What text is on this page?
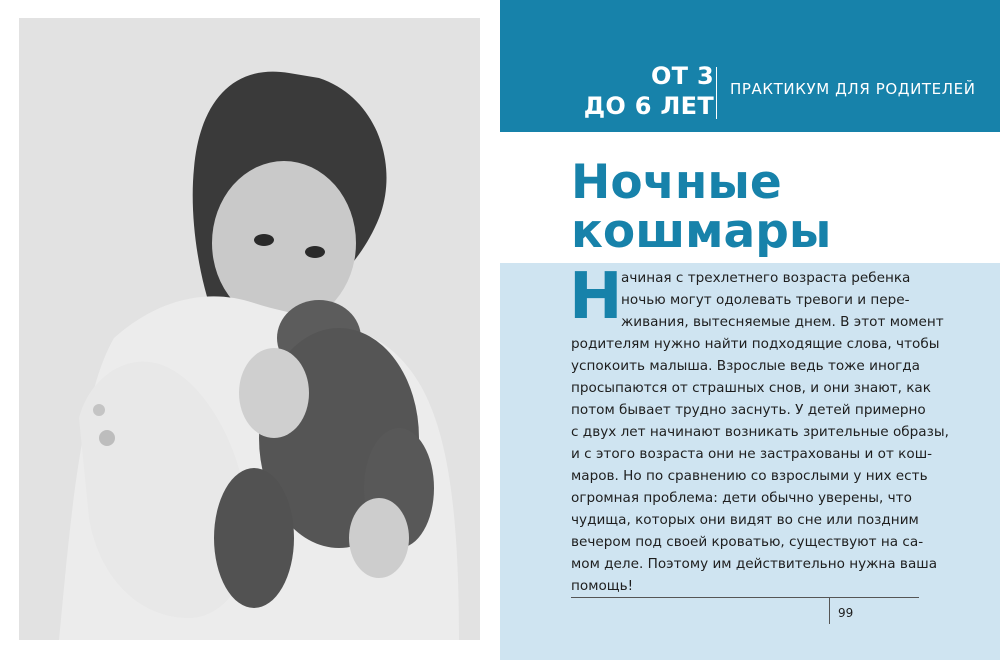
ОТ 3
ДО 6 ЛЕТ
ПРАКТИКУМ ДЛЯ РОДИТЕЛЕЙ
Ночные
кошмары
Н
ачиная с трехлетнего возраста ребенка
ночью могут одолевать тревоги и пере-
живания, вытесняемые днем. В этот момент
родителям нужно найти подходящие слова, чтобы
успокоить малыша. Взрослые ведь тоже иногда
просыпаются от страшных снов, и они знают, как
потом бывает трудно заснуть. У детей примерно
с двух лет начинают возникать зрительные образы,
и с этого возраста они не застрахованы и от кош-
маров. Но по сравнению со взрослыми у них есть
огромная проблема: дети обычно уверены, что
чудища, которых они видят во сне или поздним
вечером под своей кроватью, существуют на са-
мом деле. Поэтому им действительно нужна ваша
помощь!
99
